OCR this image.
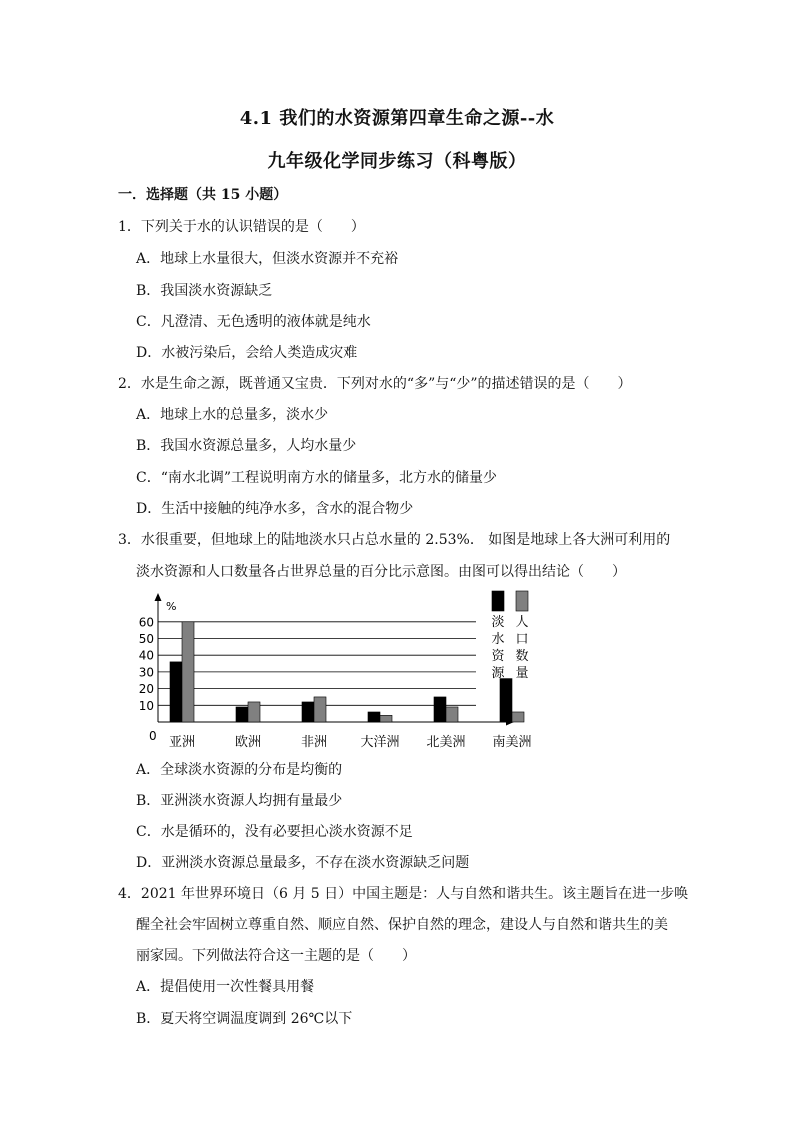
4.1 我们的水资源第四章生命之源--水
九年级化学同步练习（科粤版）
一．选择题（共 15 小题）
1．下列关于水的认识错误的是（　　）
A．地球上水量很大，但淡水资源并不充裕
B．我国淡水资源缺乏
C．凡澄清、无色透明的液体就是纯水
D．水被污染后，会给人类造成灾难
2．水是生命之源，既普通又宝贵．下列对水的“多”与“少”的描述错误的是（　　）
A．地球上水的总量多，淡水少
B．我国水资源总量多，人均水量少
C．“南水北调”工程说明南方水的储量多，北方水的储量少
D．生活中接触的纯净水多，含水的混合物少
3．水很重要，但地球上的陆地淡水只占总水量的 2.53%． 如图是地球上各大洲可利用的
淡水资源和人口数量各占世界总量的百分比示意图。由图可以得出结论（　　）
10
20
30
40
50
60
%
0 亚洲	欧洲	非洲	大洋洲 北美洲 南美洲
淡水资源
人口数量
A．全球淡水资源的分布是均衡的
B．亚洲淡水资源人均拥有量最少
C．水是循环的，没有必要担心淡水资源不足
D．亚洲淡水资源总量最多，不存在淡水资源缺乏问题
4．2021 年世界环境日（6 月 5 日）中国主题是：人与自然和谐共生。该主题旨在进一步唤
醒全社会牢固树立尊重自然、顺应自然、保护自然的理念，建设人与自然和谐共生的美
丽家园。下列做法符合这一主题的是（　　）
A．提倡使用一次性餐具用餐
B．夏天将空调温度调到 26℃以下
